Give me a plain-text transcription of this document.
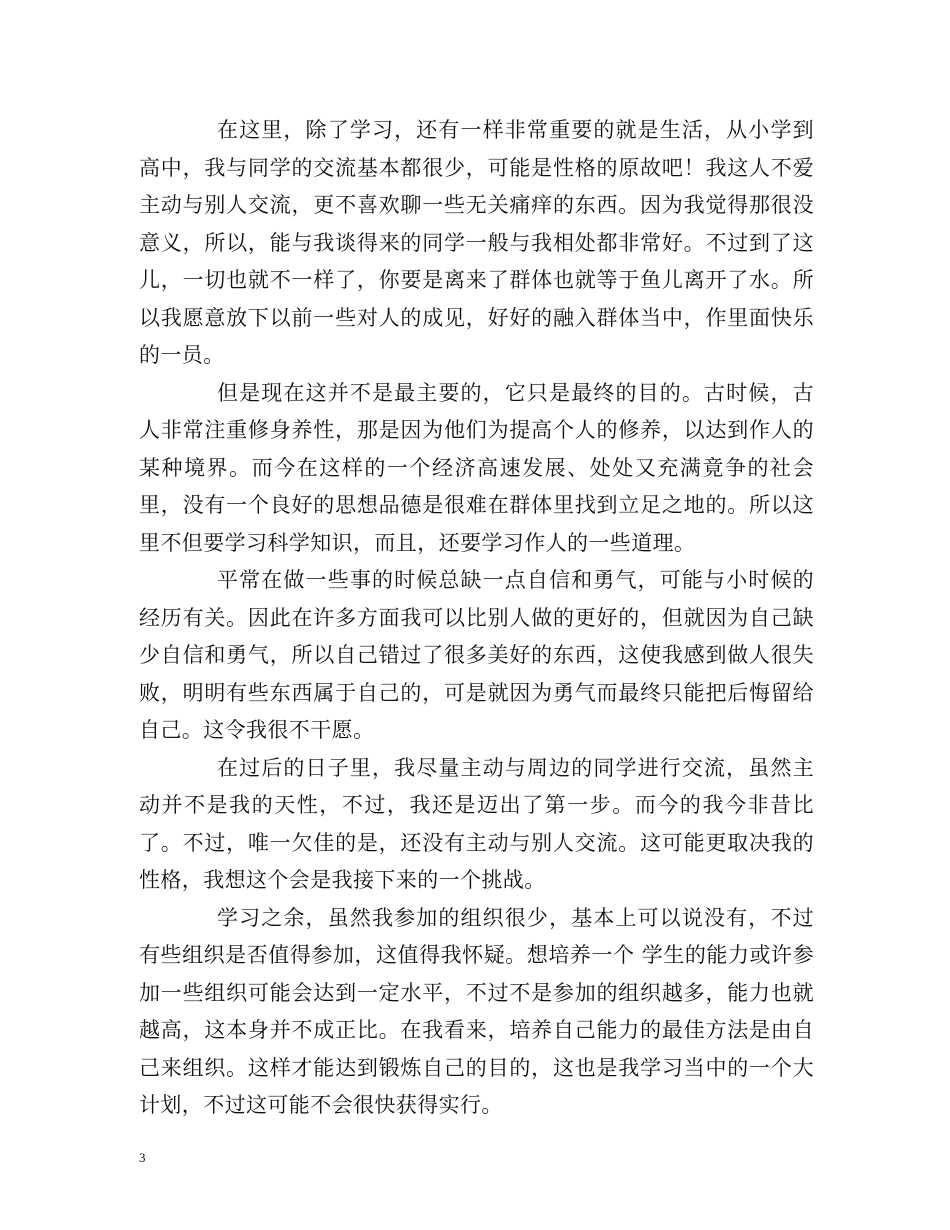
在这里，除了学习，还有一样非常重要的就是生活，从小学到高中，我与同学的交流基本都很少，可能是性格的原故吧！我这人不爱主动与别人交流，更不喜欢聊一些无关痛痒的东西。因为我觉得那很没意义，所以，能与我谈得来的同学一般与我相处都非常好。不过到了这儿，一切也就不一样了，你要是离来了群体也就等于鱼儿离开了水。所以我愿意放下以前一些对人的成见，好好的融入群体当中，作里面快乐的一员。

但是现在这并不是最主要的，它只是最终的目的。古时候，古人非常注重修身养性，那是因为他们为提高个人的修养，以达到作人的某种境界。而今在这样的一个经济高速发展、处处又充满竟争的社会里，没有一个良好的思想品德是很难在群体里找到立足之地的。所以这里不但要学习科学知识，而且，还要学习作人的一些道理。

平常在做一些事的时候总缺一点自信和勇气，可能与小时候的经历有关。因此在许多方面我可以比别人做的更好的，但就因为自己缺少自信和勇气，所以自己错过了很多美好的东西，这使我感到做人很失败，明明有些东西属于自己的，可是就因为勇气而最终只能把后悔留给自己。这令我很不干愿。

在过后的日子里，我尽量主动与周边的同学进行交流，虽然主动并不是我的天性，不过，我还是迈出了第一步。而今的我今非昔比了。不过，唯一欠佳的是，还没有主动与别人交流。这可能更取决我的性格，我想这个会是我接下来的一个挑战。

学习之余，虽然我参加的组织很少，基本上可以说没有，不过有些组织是否值得参加，这值得我怀疑。想培养一个 学生的能力或许参加一些组织可能会达到一定水平，不过不是参加的组织越多，能力也就越高，这本身并不成正比。在我看来，培养自己能力的最佳方法是由自己来组织。这样才能达到锻炼自己的目的，这也是我学习当中的一个大计划，不过这可能不会很快获得实行。

3
